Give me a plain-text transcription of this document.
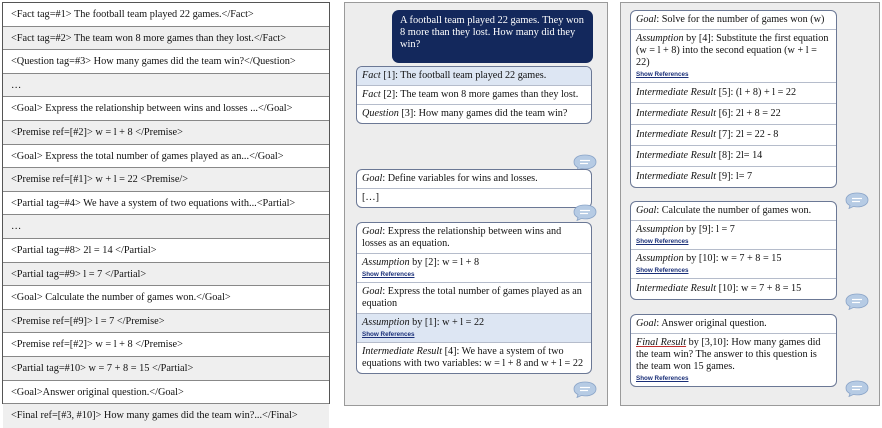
<Fact tag=#1> The football team played 22 games.</Fact>
<Fact tag=#2> The team won 8 more games than they lost.</Fact>
<Question tag=#3> How many games did the team win?</Question>
…
<Goal> Express the relationship between wins and losses ...</Goal>
<Premise ref=[#2]> w = l + 8 </Premise>
<Goal> Express the total number of games played as an...</Goal>
<Premise ref=[#1]> w + l = 22 <Premise/>
<Partial tag=#4> We have a system of two equations with...<Partial>
…
<Partial tag=#8> 2l = 14 </Partial>
<Partial tag=#9> l = 7 </Partial>
<Goal> Calculate the number of games won.</Goal>
<Premise ref=[#9]> l = 7 </Premise>
<Premise ref=[#2]> w = l + 8 </Premise>
<Partial tag=#10> w = 7 + 8 = 15 </Partial>
<Goal>Answer original question.</Goal>
<Final ref=[#3, #10]> How many games did the team win?...</Final>
A football team played 22 games. They won 8 more than they lost. How many did they win?
Fact [1]: The football team played 22 games.
Fact [2]: The team won 8 more games than they lost.
Question [3]: How many games did the team win?
Goal: Define variables for wins and losses.
[…]
Goal: Express the relationship between wins and losses as an equation.
Assumption by [2]: w = l + 8
Show References
Goal: Express the total number of games played as an equation
Assumption by [1]: w + l = 22
Show References
Intermediate Result [4]: We have a system of two equations with two variables: w = l + 8 and w + l = 22
Goal: Solve for the number of games won (w)
Assumption by [4]: Substitute the first equation (w = l + 8) into the second equation (w + l = 22)
Show References
Intermediate Result [5]: (l + 8) + l = 22
Intermediate Result [6]: 2l + 8 = 22
Intermediate Result [7]: 2l = 22 - 8
Intermediate Result [8]: 2l= 14
Intermediate Result [9]: l= 7
Goal: Calculate the number of games won.
Assumption by [9]: l = 7
Show References
Assumption by [10]: w = 7 + 8 = 15
Show References
Intermediate Result [10]: w = 7 + 8 = 15
Goal: Answer original question.
Final Result by [3,10]: How many games did the team win? The answer to this question is the team won 15 games.
Show References
